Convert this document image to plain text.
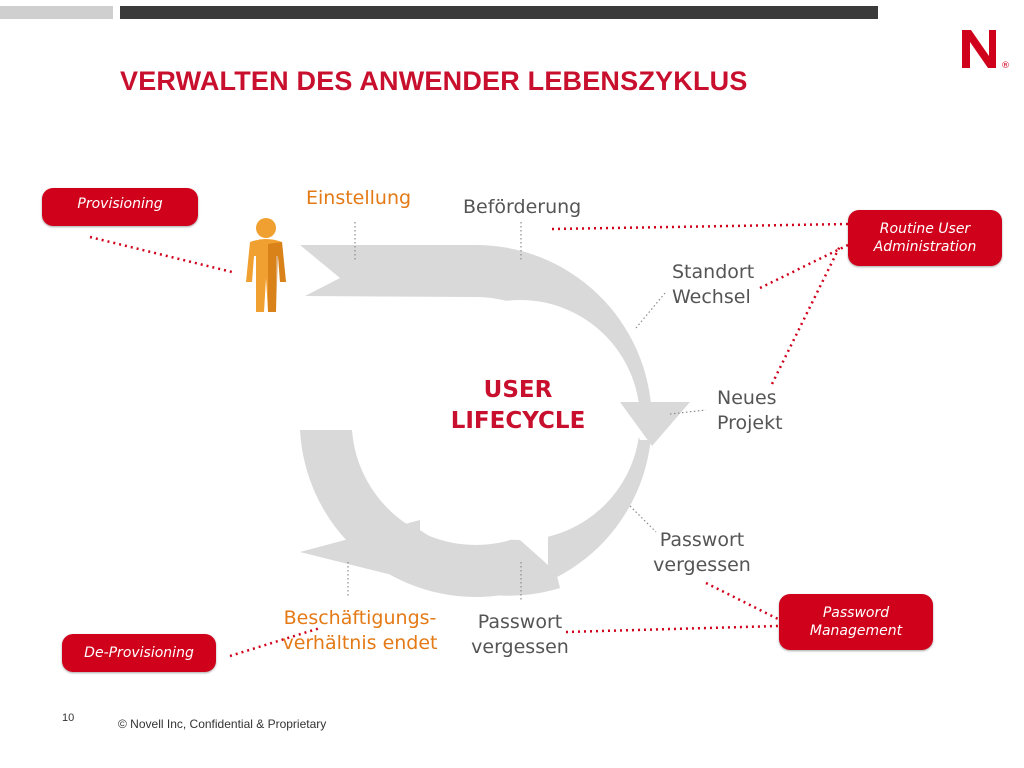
®
VERWALTEN DES ANWENDER LEBENSZYKLUS
USER
LIFECYCLE
Provisioning
Routine User
Administration
Password
Management
De-Provisioning
Einstellung	Beförderung
Standort
Wechsel
Neues
Projekt
Passwort
vergessen
Passwort
vergessen
Beschäftigungs-
verhältnis endet
10	© Novell Inc, Confidential & Proprietary
